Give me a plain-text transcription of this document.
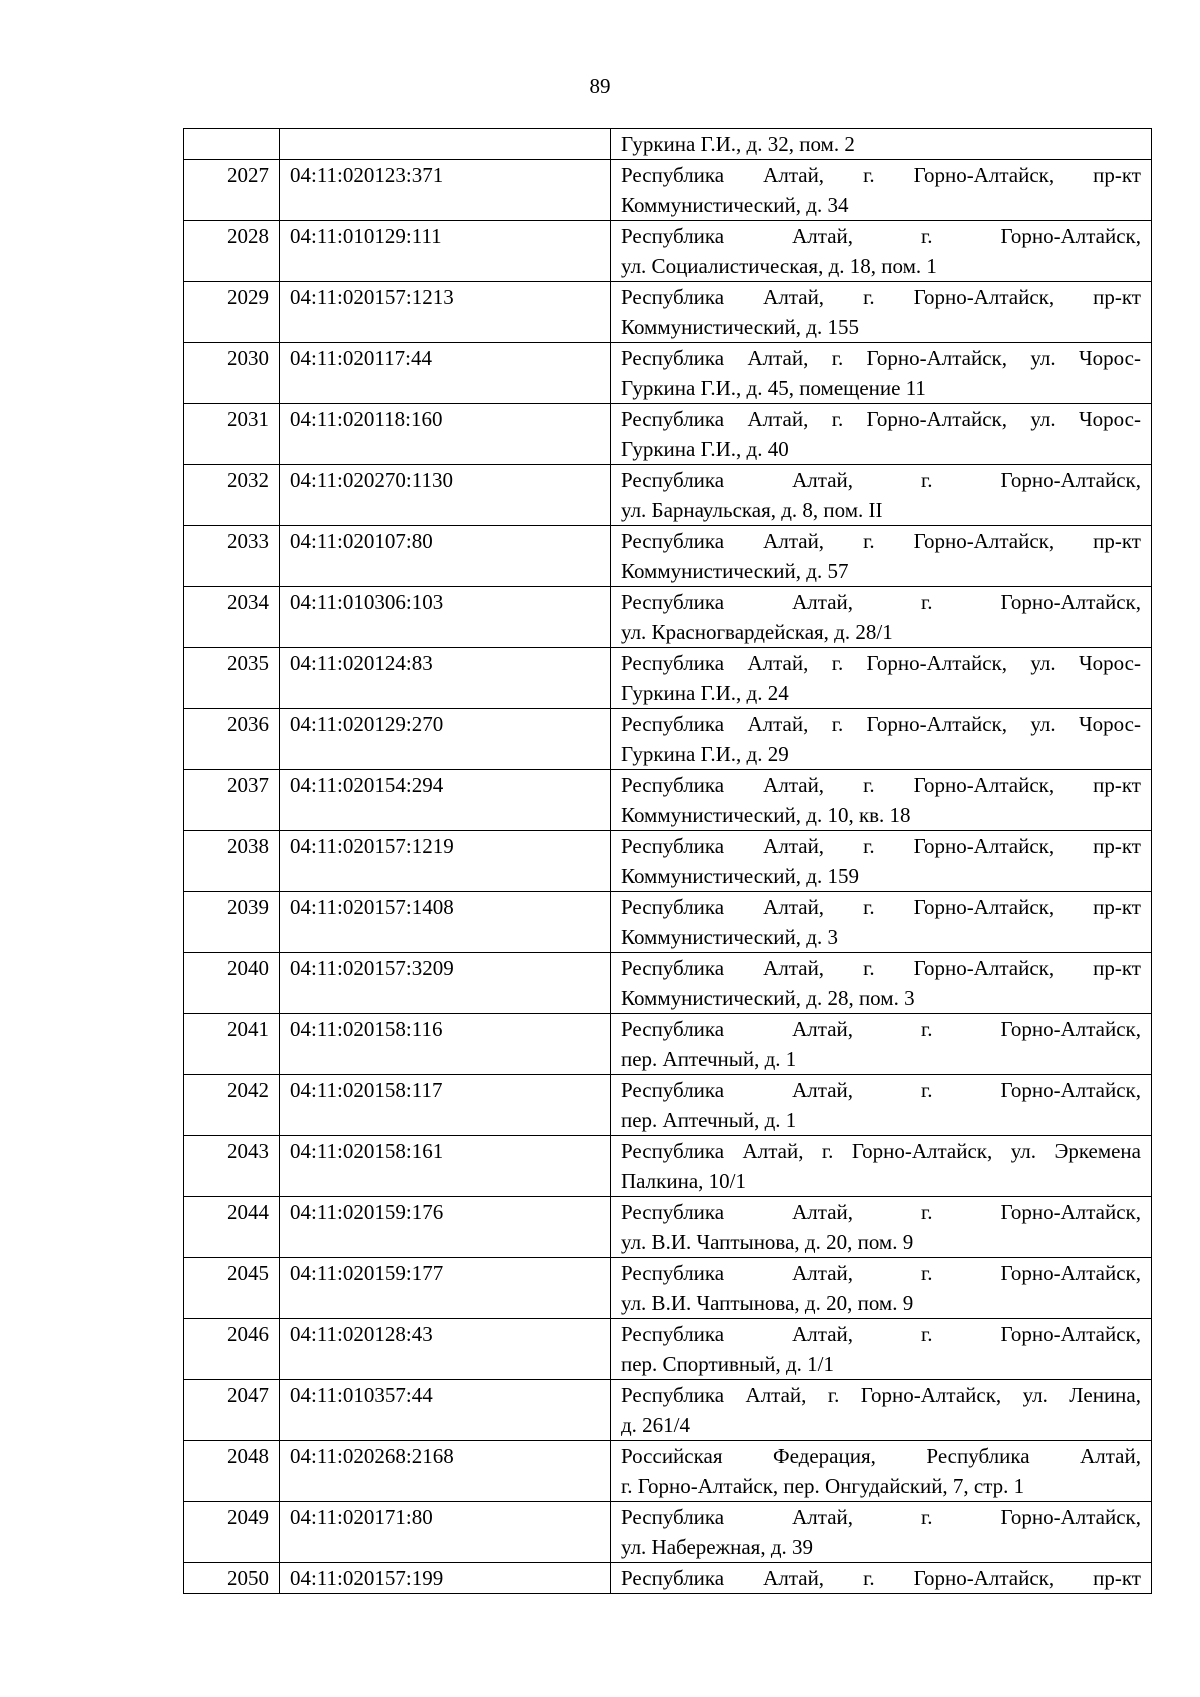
89

		Гуркина Г.И., д. 32, пом. 2

2027	04:11:020123:371	Республика Алтай, г. Горно-Алтайск, пр-кт
Коммунистический, д. 34

2028	04:11:010129:111	Республика Алтай, г. Горно-Алтайск,
ул. Социалистическая, д. 18, пом. 1

2029	04:11:020157:1213	Республика Алтай, г. Горно-Алтайск, пр-кт
Коммунистический, д. 155

2030	04:11:020117:44	Республика Алтай, г. Горно-Алтайск, ул. Чорос-
Гуркина Г.И., д. 45, помещение 11

2031	04:11:020118:160	Республика Алтай, г. Горно-Алтайск, ул. Чорос-
Гуркина Г.И., д. 40

2032	04:11:020270:1130	Республика Алтай, г. Горно-Алтайск,
ул. Барнаульская, д. 8, пом. II

2033	04:11:020107:80	Республика Алтай, г. Горно-Алтайск, пр-кт
Коммунистический, д. 57

2034	04:11:010306:103	Республика Алтай, г. Горно-Алтайск,
ул. Красногвардейская, д. 28/1

2035	04:11:020124:83	Республика Алтай, г. Горно-Алтайск, ул. Чорос-
Гуркина Г.И., д. 24

2036	04:11:020129:270	Республика Алтай, г. Горно-Алтайск, ул. Чорос-
Гуркина Г.И., д. 29

2037	04:11:020154:294	Республика Алтай, г. Горно-Алтайск, пр-кт
Коммунистический, д. 10, кв. 18

2038	04:11:020157:1219	Республика Алтай, г. Горно-Алтайск, пр-кт
Коммунистический, д. 159

2039	04:11:020157:1408	Республика Алтай, г. Горно-Алтайск, пр-кт
Коммунистический, д. 3

2040	04:11:020157:3209	Республика Алтай, г. Горно-Алтайск, пр-кт
Коммунистический, д. 28, пом. 3

2041	04:11:020158:116	Республика Алтай, г. Горно-Алтайск,
пер. Аптечный, д. 1

2042	04:11:020158:117	Республика Алтай, г. Горно-Алтайск,
пер. Аптечный, д. 1

2043	04:11:020158:161	Республика Алтай, г. Горно-Алтайск, ул. Эркемена
Палкина, 10/1

2044	04:11:020159:176	Республика Алтай, г. Горно-Алтайск,
ул. В.И. Чаптынова, д. 20, пом. 9

2045	04:11:020159:177	Республика Алтай, г. Горно-Алтайск,
ул. В.И. Чаптынова, д. 20, пом. 9

2046	04:11:020128:43	Республика Алтай, г. Горно-Алтайск,
пер. Спортивный, д. 1/1

2047	04:11:010357:44	Республика Алтай, г. Горно-Алтайск, ул. Ленина,
д. 261/4

2048	04:11:020268:2168	Российская Федерация, Республика Алтай,
г. Горно-Алтайск, пер. Онгудайский, 7, стр. 1

2049	04:11:020171:80	Республика Алтай, г. Горно-Алтайск,
ул. Набережная, д. 39

2050	04:11:020157:199	Республика Алтай, г. Горно-Алтайск, пр-кт
